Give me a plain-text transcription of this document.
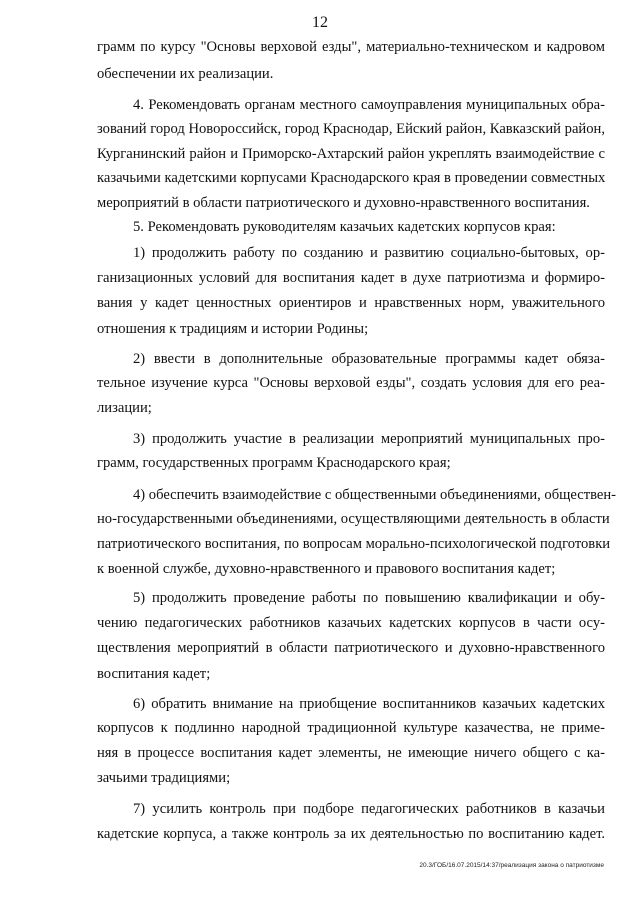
12
грамм по курсу "Основы верховой езды", материально-техническом и кадровом
обеспечении их реализации.
4. Рекомендовать органам местного самоуправления муниципальных обра-
зований город Новороссийск, город Краснодар, Ейский район, Кавказский район,
Курганинский район и Приморско-Ахтарский район укреплять взаимодействие с
казачьими кадетскими корпусами Краснодарского края в проведении совместных
мероприятий в области патриотического и духовно-нравственного воспитания.
5. Рекомендовать руководителям казачьих кадетских корпусов края:
1) продолжить работу по созданию и развитию социально-бытовых, ор-
ганизационных условий для воспитания кадет в духе патриотизма и формиро-
вания у кадет ценностных ориентиров и нравственных норм, уважительного
отношения к традициям и истории Родины;
2) ввести в дополнительные образовательные программы кадет обяза-
тельное изучение курса "Основы верховой езды", создать условия для его реа-
лизации;
3) продолжить участие в реализации мероприятий муниципальных про-
грамм, государственных программ Краснодарского края;
4) обеспечить взаимодействие с общественными объединениями, обществен-
но-государственными объединениями, осуществляющими деятельность в области
патриотического воспитания, по вопросам морально-психологической подготовки
к военной службе, духовно-нравственного и правового воспитания кадет;
5) продолжить проведение работы по повышению квалификации и обу-
чению педагогических работников казачьих кадетских корпусов в части осу-
ществления мероприятий в области патриотического и духовно-нравственного
воспитания кадет;
6) обратить внимание на приобщение воспитанников казачьих кадетских
корпусов к подлинно народной традиционной культуре казачества, не приме-
няя в процессе воспитания кадет элементы, не имеющие ничего общего с ка-
зачьими традициями;
7) усилить контроль при подборе педагогических работников в казачьи
кадетские корпуса, а также контроль за их деятельностью по воспитанию кадет.
20.3/ГОБ/16.07.2015/14:37/реализация закона о патриотизме
